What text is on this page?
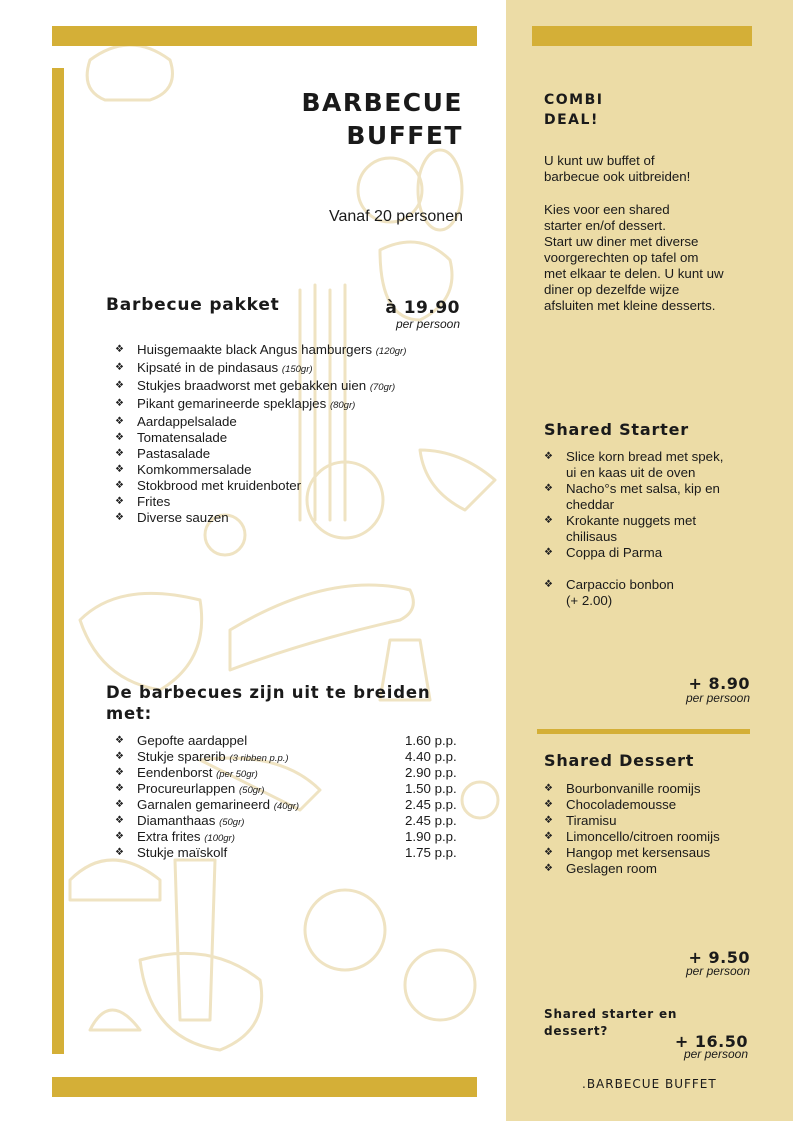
BARBECUE
BUFFET
Vanaf 20 personen
Barbecue pakket	à 19.90
per persoon
❖ Huisgemaakte black Angus hamburgers (120gr)
❖ Kipsaté in de pindasaus (150gr)
❖ Stukjes braadworst met gebakken uien (70gr)
❖ Pikant gemarineerde speklapjes (80gr)
❖ Aardappelsalade
❖ Tomatensalade
❖ Pastasalade
❖ Komkommersalade
❖ Stokbrood met kruidenboter
❖ Frites
❖ Diverse sauzen
De barbecues zijn uit te breiden
met:
❖ Gepofte aardappel	1.60 p.p.
❖ Stukje sparerib (3 ribben p.p.)	4.40 p.p.
❖ Eendenborst (per 50gr)	2.90 p.p.
❖ Procureurlappen (50gr)	1.50 p.p.
❖ Garnalen gemarineerd (40gr)	2.45 p.p.
❖ Diamanthaas (50gr)	2.45 p.p.
❖ Extra frites (100gr)	1.90 p.p.
❖ Stukje maïskolf	1.75 p.p.
COMBI
DEAL!
U kunt uw buffet of
barbecue ook uitbreiden!
Kies voor een shared
starter en/of dessert.
Start uw diner met diverse
voorgerechten op tafel om
met elkaar te delen. U kunt uw
diner op dezelfde wijze
afsluiten met kleine desserts.
Shared Starter
❖ Slice korn bread met spek,
ui en kaas uit de oven
❖ Nacho°s met salsa, kip en
cheddar
❖ Krokante nuggets met
chilisaus
❖ Coppa di Parma
❖ Carpaccio bonbon
(+ 2.00)
+ 8.90
per persoon
Shared Dessert
❖ Bourbonvanille roomijs
❖ Chocolademousse
❖ Tiramisu
❖ Limoncello/citroen roomijs
❖ Hangop met kersensaus
❖ Geslagen room
+ 9.50
per persoon
Shared starter en
dessert?
+ 16.50
per persoon
.BARBECUE BUFFET
